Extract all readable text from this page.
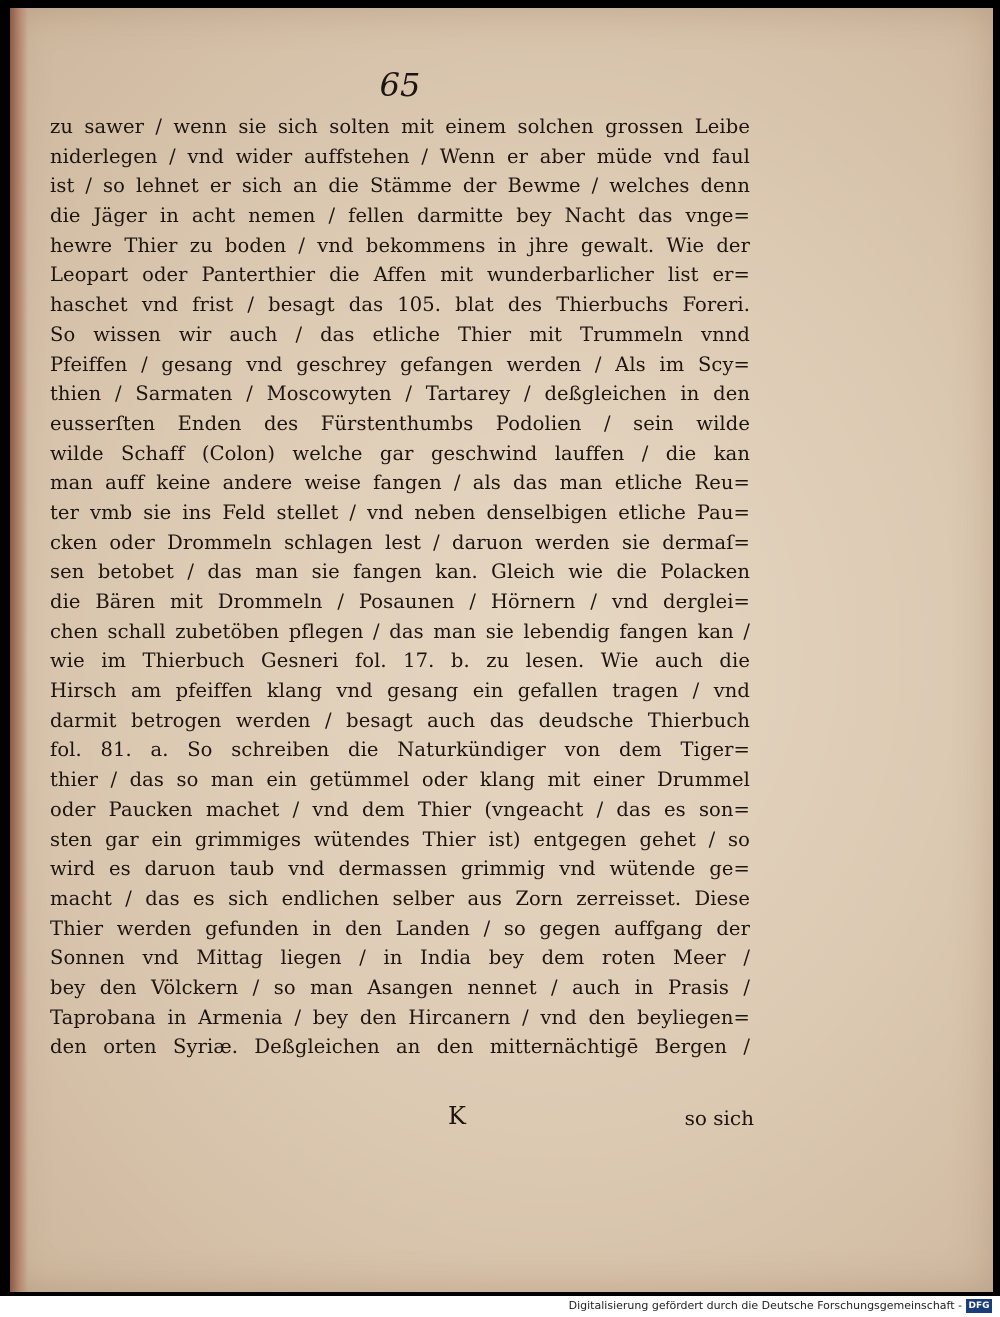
65
zu sawer / wenn sie sich solten mit einem solchen grossen Leibe
niderlegen / vnd wider auffstehen / Wenn er aber müde vnd faul
ist / so lehnet er sich an die Stämme der Bewme / welches denn
die Jäger in acht nemen / fellen darmitte bey Nacht das vnge=
hewre Thier zu boden / vnd bekommens in jhre gewalt. Wie der
Leopart oder Panterthier die Affen mit wunderbarlicher list er=
haschet vnd frist / besagt das 105. blat des Thierbuchs Foreri.
So wissen wir auch / das etliche Thier mit Trummeln vnnd
Pfeiffen / gesang vnd geschrey gefangen werden / Als im Scy=
thien / Sarmaten / Moscowyten / Tartarey / deßgleichen in den
eusserſten Enden des Fürstenthumbs Podolien / sein wilde
wilde Schaff (Colon) welche gar geschwind lauffen / die kan
man auff keine andere weise fangen / als das man etliche Reu=
ter vmb sie ins Feld stellet / vnd neben denselbigen etliche Pau=
cken oder Drommeln schlagen lest / daruon werden sie dermaſ=
sen betobet / das man sie fangen kan. Gleich wie die Polacken
die Bären mit Drommeln / Posaunen / Hörnern / vnd derglei=
chen schall zubetöben pflegen / das man sie lebendig fangen kan /
wie im Thierbuch Gesneri fol. 17. b. zu lesen. Wie auch die
Hirsch am pfeiffen klang vnd gesang ein gefallen tragen / vnd
darmit betrogen werden / besagt auch das deudsche Thierbuch
fol. 81. a. So schreiben die Naturkündiger von dem Tiger=
thier / das so man ein getümmel oder klang mit einer Drummel
oder Paucken machet / vnd dem Thier (vngeacht / das es son=
sten gar ein grimmiges wütendes Thier ist) entgegen gehet / so
wird es daruon taub vnd dermassen grimmig vnd wütende ge=
macht / das es sich endlichen selber aus Zorn zerreisset. Diese
Thier werden gefunden in den Landen / so gegen auffgang der
Sonnen vnd Mittag liegen / in India bey dem roten Meer /
bey den Völckern / so man Asangen nennet / auch in Prasis /
Taprobana in Armenia / bey den Hircanern / vnd den beyliegen=
den orten Syriæ. Deßgleichen an den mitternächtigē Bergen /
K	so sich
Digitalisierung gefördert durch die Deutsche Forschungsgemeinschaft - DFG
